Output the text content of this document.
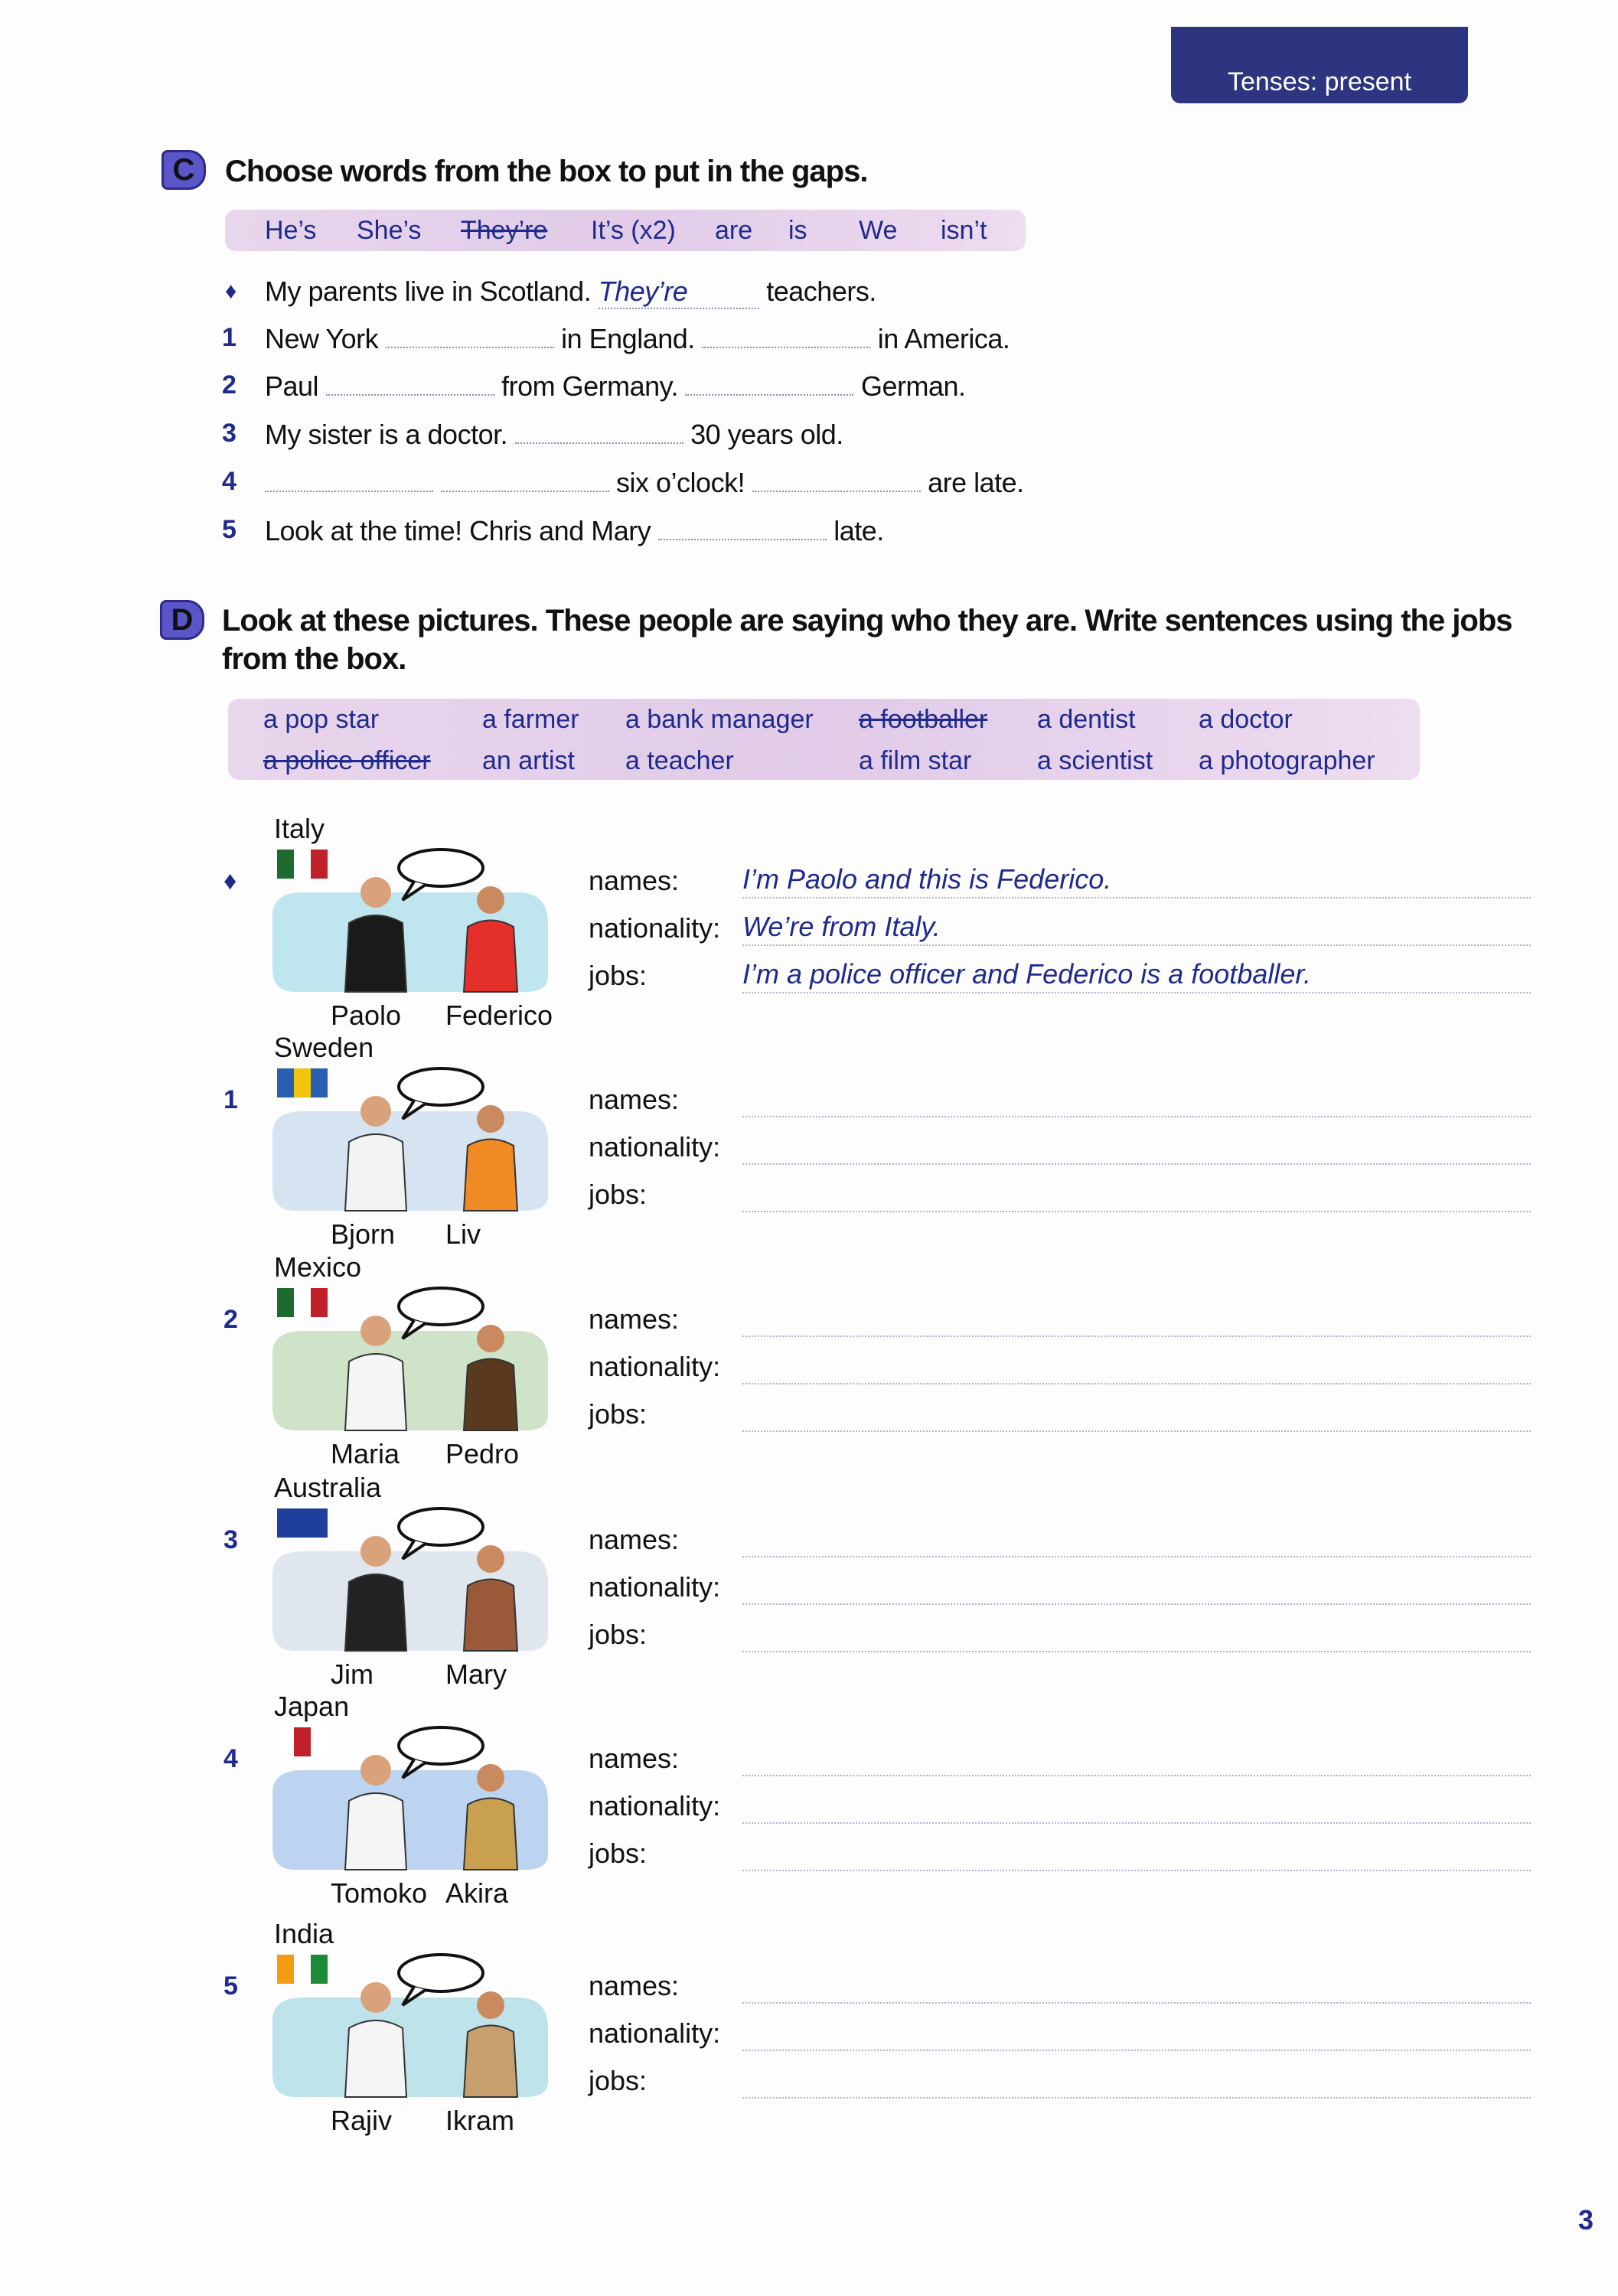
Tenses: present
C Choose words from the box to put in the gaps.
He’s She’s They’re It’s (x2) are is We isn’t
♦ My parents live in Scotland. They’re	teachers.
1 New York	in England.	in America.
2 Paul	from Germany.	German.
3 My sister is a doctor.	30 years old.
4	six o’clock!	are late.
5 Look at the time! Chris and Mary	late.
D Look at these pictures. These people are saying who they are. Write sentences using the jobs
from the box.
a pop star	a farmer a bank manager a footballer a dentist a doctor
a police officer an artist a teacher	a film star	a scientist a photographer
♦
Italy
Paolo Federico
names: I’m Paolo and this is Federico.
nationality: We’re from Italy.
jobs:	I’m a police officer and Federico is a footballer.
1
Sweden
Bjorn Liv
names:
nationality:
jobs:
2
Mexico
Maria Pedro
names:
nationality:
jobs:
3
Australia
Jim	Mary
names:
nationality:
jobs:
4
Japan
Tomoko Akira
names:
nationality:
jobs:
5
India
Rajiv Ikram
names:
nationality:
jobs:
3
